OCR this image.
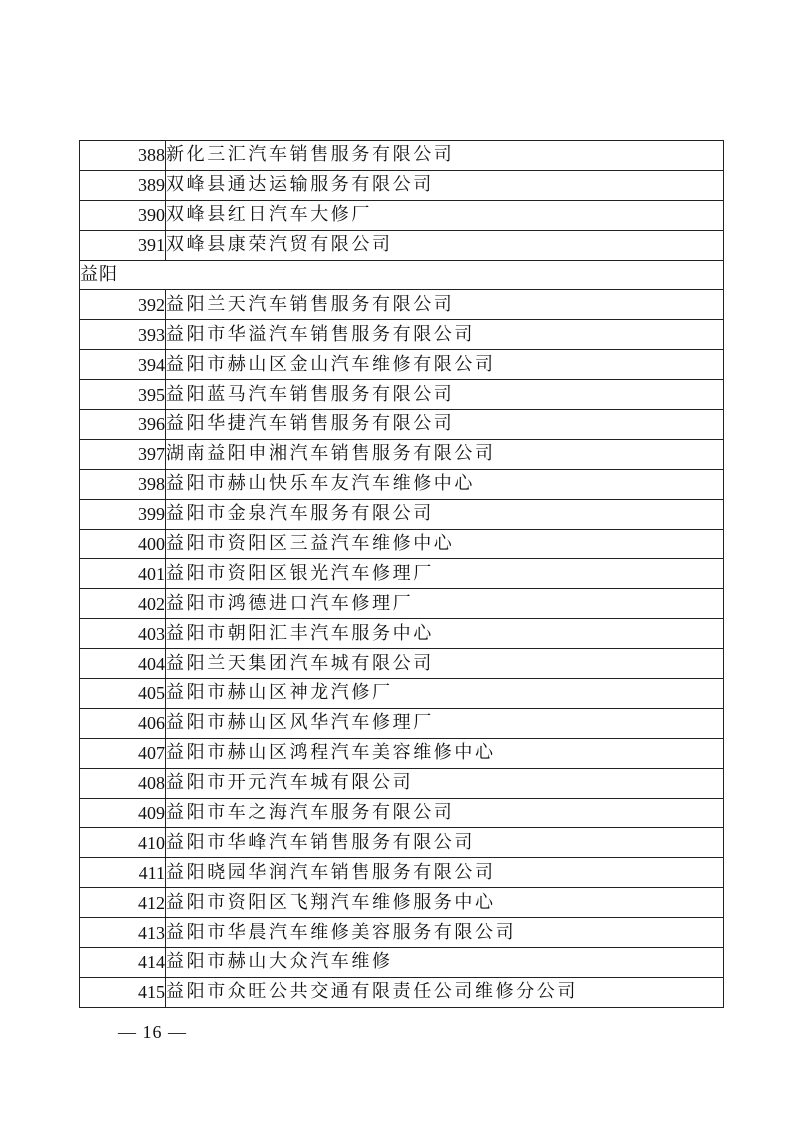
388	新化三汇汽车销售服务有限公司
389	双峰县通达运输服务有限公司
390	双峰县红日汽车大修厂
391	双峰县康荣汽贸有限公司
益阳	
392	益阳兰天汽车销售服务有限公司
393	益阳市华溢汽车销售服务有限公司
394	益阳市赫山区金山汽车维修有限公司
395	益阳蓝马汽车销售服务有限公司
396	益阳华捷汽车销售服务有限公司
397	湖南益阳申湘汽车销售服务有限公司
398	益阳市赫山快乐车友汽车维修中心
399	益阳市金泉汽车服务有限公司
400	益阳市资阳区三益汽车维修中心
401	益阳市资阳区银光汽车修理厂
402	益阳市鸿德进口汽车修理厂
403	益阳市朝阳汇丰汽车服务中心
404	益阳兰天集团汽车城有限公司
405	益阳市赫山区神龙汽修厂
406	益阳市赫山区风华汽车修理厂
407	益阳市赫山区鸿程汽车美容维修中心
408	益阳市开元汽车城有限公司
409	益阳市车之海汽车服务有限公司
410	益阳市华峰汽车销售服务有限公司
411	益阳晓园华润汽车销售服务有限公司
412	益阳市资阳区飞翔汽车维修服务中心
413	益阳市华晨汽车维修美容服务有限公司
414	益阳市赫山大众汽车维修
415	益阳市众旺公共交通有限责任公司维修分公司
— 16 —
